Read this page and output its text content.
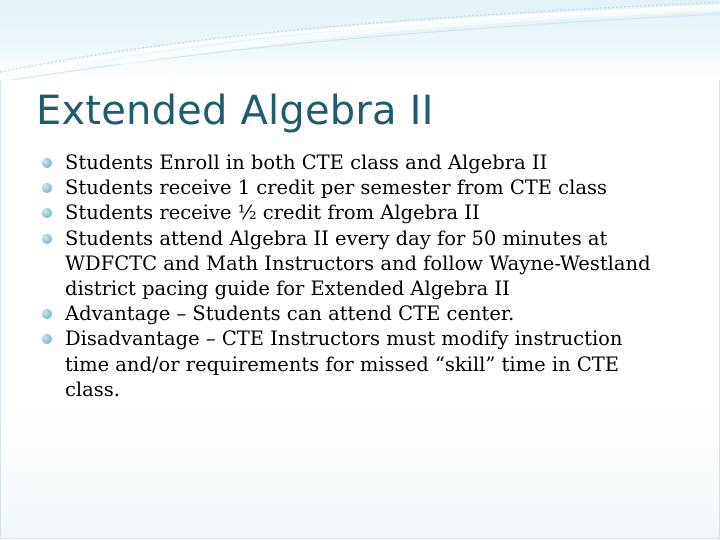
Extended Algebra II
Students Enroll in both CTE class and Algebra II
Students receive 1 credit per semester from CTE class
Students receive ½ credit from Algebra II
Students attend Algebra II every day for 50 minutes at WDFCTC and Math Instructors and follow Wayne-Westland district pacing guide for Extended Algebra II
Advantage – Students can attend CTE center.
Disadvantage – CTE Instructors must modify instruction time and/or requirements for missed “skill” time in CTE class.
